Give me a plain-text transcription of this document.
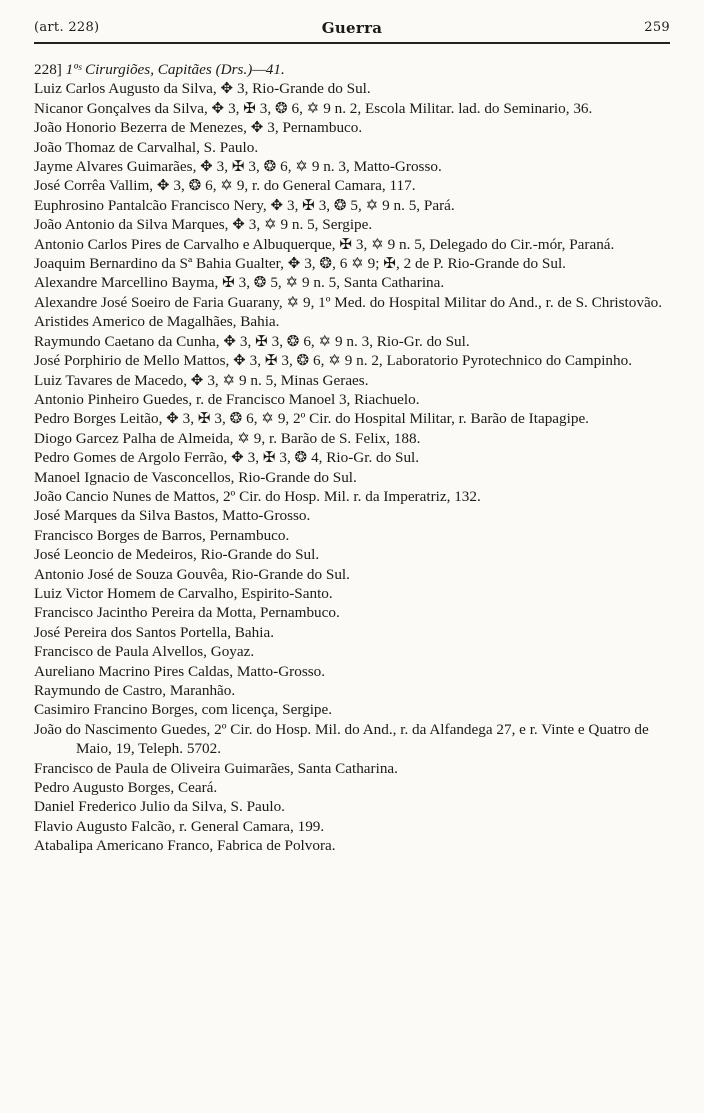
(art. 228)	Guerra	259

228] 1ºˢ Cirurgiões, Capitães (Drs.)—41.

Luiz Carlos Augusto da Silva, ✥ 3, Rio-Grande do Sul.

Nicanor Gonçalves da Silva, ✥ 3, ✠ 3, ❂ 6, ✡ 9 n. 2, Escola Militar. lad. do Seminario, 36.

João Honorio Bezerra de Menezes, ✥ 3, Pernambuco.

João Thomaz de Carvalhal, S. Paulo.

Jayme Alvares Guimarães, ✥ 3, ✠ 3, ❂ 6, ✡ 9 n. 3, Matto-Grosso.

José Corrêa Vallim, ✥ 3, ❂ 6, ✡ 9, r. do General Camara, 117.

Euphrosino Pantalcão Francisco Nery, ✥ 3, ✠ 3, ❂ 5, ✡ 9 n. 5, Pará.

João Antonio da Silva Marques, ✥ 3, ✡ 9 n. 5, Sergipe.

Antonio Carlos Pires de Carvalho e Albuquerque, ✠ 3, ✡ 9 n. 5, Delegado do Cir.-mór, Paraná.

Joaquim Bernardino da Sª Bahia Gualter, ✥ 3, ❂, 6 ✡ 9; ✠, 2 de P. Rio-Grande do Sul.

Alexandre Marcellino Bayma, ✠ 3, ❂ 5, ✡ 9 n. 5, Santa Catharina.

Alexandre José Soeiro de Faria Guarany, ✡ 9, 1º Med. do Hospital Militar do And., r. de S. Christovão.

Aristides Americo de Magalhães, Bahia.

Raymundo Caetano da Cunha, ✥ 3, ✠ 3, ❂ 6, ✡ 9 n. 3, Rio-Gr. do Sul.

José Porphirio de Mello Mattos, ✥ 3, ✠ 3, ❂ 6, ✡ 9 n. 2, Laboratorio Pyrotechnico do Campinho.

Luiz Tavares de Macedo, ✥ 3, ✡ 9 n. 5, Minas Geraes.

Antonio Pinheiro Guedes, r. de Francisco Manoel 3, Riachuelo.

Pedro Borges Leitão, ✥ 3, ✠ 3, ❂ 6, ✡ 9, 2º Cir. do Hospital Militar, r. Barão de Itapagipe.

Diogo Garcez Palha de Almeida, ✡ 9, r. Barão de S. Felix, 188.

Pedro Gomes de Argolo Ferrão, ✥ 3, ✠ 3, ❂ 4, Rio-Gr. do Sul.

Manoel Ignacio de Vasconcellos, Rio-Grande do Sul.

João Cancio Nunes de Mattos, 2º Cir. do Hosp. Mil. r. da Imperatriz, 132.

José Marques da Silva Bastos, Matto-Grosso.

Francisco Borges de Barros, Pernambuco.

José Leoncio de Medeiros, Rio-Grande do Sul.

Antonio José de Souza Gouvêa, Rio-Grande do Sul.

Luiz Victor Homem de Carvalho, Espirito-Santo.

Francisco Jacintho Pereira da Motta, Pernambuco.

José Pereira dos Santos Portella, Bahia.

Francisco de Paula Alvellos, Goyaz.

Aureliano Macrino Pires Caldas, Matto-Grosso.

Raymundo de Castro, Maranhão.

Casimiro Francino Borges, com licença, Sergipe.

João do Nascimento Guedes, 2º Cir. do Hosp. Mil. do And., r. da Alfandega 27, e r. Vinte e Quatro de Maio, 19, Teleph. 5702.

Francisco de Paula de Oliveira Guimarães, Santa Catharina.

Pedro Augusto Borges, Ceará.

Daniel Frederico Julio da Silva, S. Paulo.

Flavio Augusto Falcão, r. General Camara, 199.

Atabalipa Americano Franco, Fabrica de Polvora.
